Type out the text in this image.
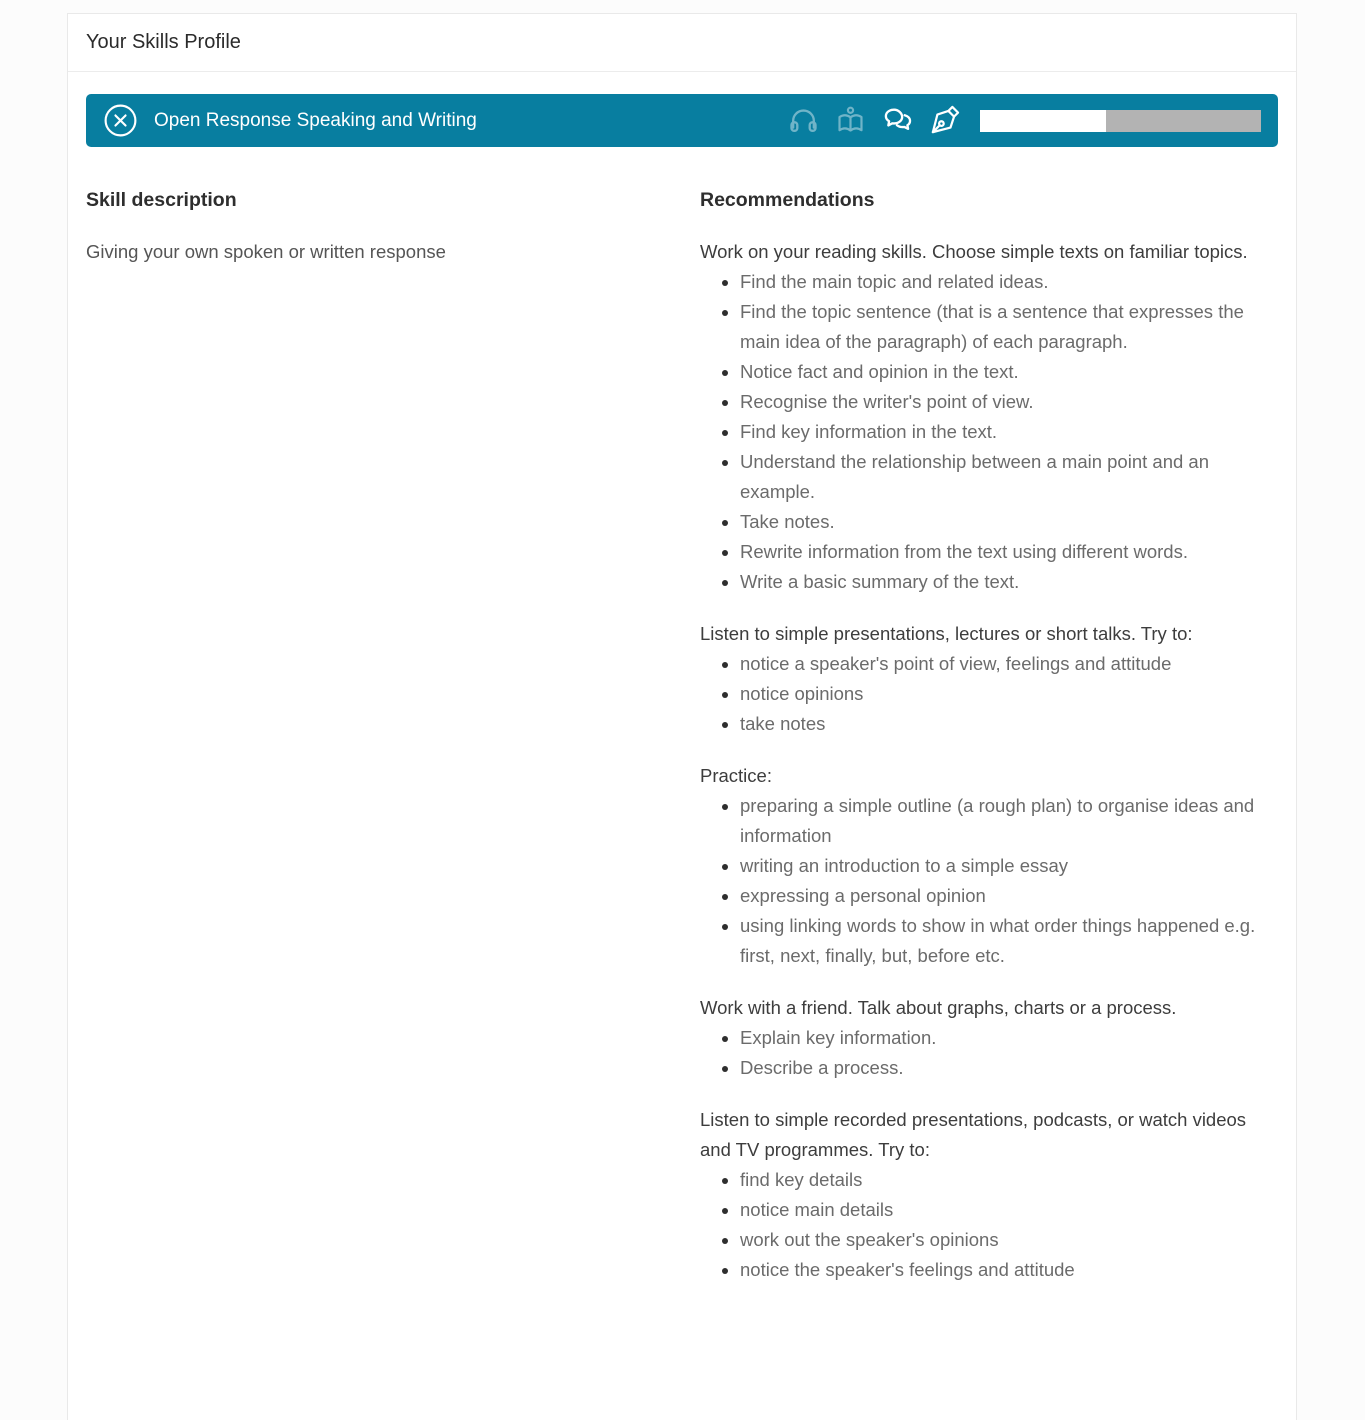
Your Skills Profile
Open Response Speaking and Writing
Skill description

Giving your own spoken or written response

Recommendations

Work on your reading skills. Choose simple texts on familiar topics.

• Find the main topic and related ideas.
• Find the topic sentence (that is a sentence that expresses the main idea of the paragraph) of each paragraph.
• Notice fact and opinion in the text.
• Recognise the writer's point of view.
• Find key information in the text.
• Understand the relationship between a main point and an example.
• Take notes.
• Rewrite information from the text using different words.
• Write a basic summary of the text.

Listen to simple presentations, lectures or short talks. Try to:

• notice a speaker's point of view, feelings and attitude
• notice opinions
• take notes

Practice:

• preparing a simple outline (a rough plan) to organise ideas and information
• writing an introduction to a simple essay
• expressing a personal opinion
• using linking words to show in what order things happened e.g. first, next, finally, but, before etc.

Work with a friend. Talk about graphs, charts or a process.

• Explain key information.
• Describe a process.

Listen to simple recorded presentations, podcasts, or watch videos and TV programmes. Try to:

• find key details
• notice main details
• work out the speaker's opinions
• notice the speaker's feelings and attitude
